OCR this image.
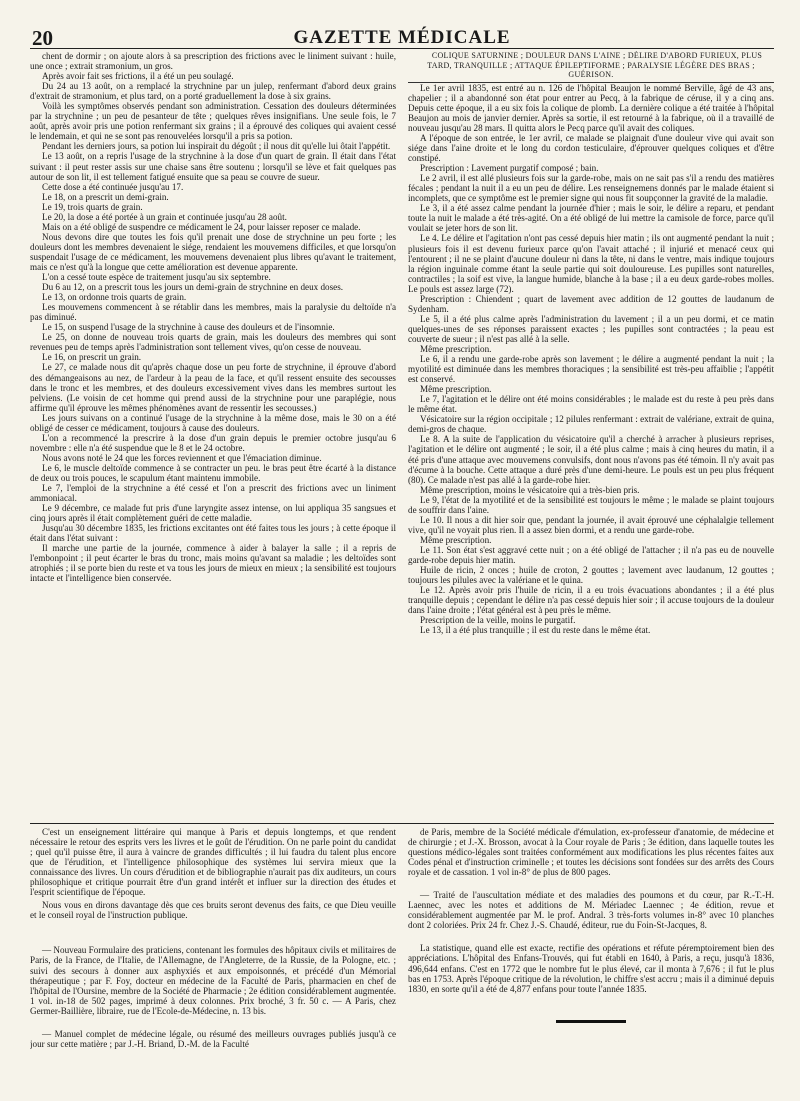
20	GAZETTE MÉDICALE

chent de dormir ; on ajoute alors à sa prescription des frictions avec le liniment suivant : huile, une once ; extrait stramonium, un gros.

Après avoir fait ses frictions, il a été un peu soulagé.

Du 24 au 13 août, on a remplacé la strychnine par un julep, renfermant d'abord deux grains d'extrait de stramonium, et plus tard, on a porté graduellement la dose à six grains.

Voilà les symptômes observés pendant son administration. Cessation des douleurs déterminées par la strychnine ; un peu de pesanteur de tête ; quelques rêves insignifians. Une seule fois, le 7 août, après avoir pris une potion renfermant six grains ; il a éprouvé des coliques qui avaient cessé le lendemain, et qui ne se sont pas renouvelées lorsqu'il a pris sa potion.

Pendant les derniers jours, sa potion lui inspirait du dégoût ; il nous dit qu'elle lui ôtait l'appétit.

Le 13 août, on a repris l'usage de la strychnine à la dose d'un quart de grain. Il était dans l'état suivant : il peut rester assis sur une chaise sans être soutenu ; lorsqu'il se lève et fait quelques pas autour de son lit, il est tellement fatigué ensuite que sa peau se couvre de sueur.

Cette dose a été continuée jusqu'au 17.

Le 18, on a prescrit un demi-grain.

Le 19, trois quarts de grain.

Le 20, la dose a été portée à un grain et continuée jusqu'au 28 août.

Mais on a été obligé de suspendre ce médicament le 24, pour laisser reposer ce malade.

Nous devons dire que toutes les fois qu'il prenait une dose de strychnine un peu forte ; les douleurs dont les membres devenaient le siége, rendaient les mouvemens difficiles, et que lorsqu'on suspendait l'usage de ce médicament, les mouvemens devenaient plus libres qu'avant le traitement, mais ce n'est qu'à la longue que cette amélioration est devenue apparente.

L'on a cessé toute espèce de traitement jusqu'au six septembre.

Du 6 au 12, on a prescrit tous les jours un demi-grain de strychnine en deux doses.

Le 13, on ordonne trois quarts de grain.

Les mouvemens commencent à se rétablir dans les membres, mais la paralysie du deltoïde n'a pas diminué.

Le 15, on suspend l'usage de la strychnine à cause des douleurs et de l'insomnie.

Le 25, on donne de nouveau trois quarts de grain, mais les douleurs des membres qui sont revenues peu de temps après l'administration sont tellement vives, qu'on cesse de nouveau.

Le 16, on prescrit un grain.

Le 27, ce malade nous dit qu'après chaque dose un peu forte de strychnine, il éprouve d'abord des démangeaisons au nez, de l'ardeur à la peau de la face, et qu'il ressent ensuite des secousses dans le tronc et les membres, et des douleurs excessivement vives dans les membres surtout les pelviens. (Le voisin de cet homme qui prend aussi de la strychnine pour une paraplégie, nous affirme qu'il éprouve les mêmes phénomènes avant de ressentir les secousses.)

Les jours suivans on a continué l'usage de la strychnine à la même dose, mais le 30 on a été obligé de cesser ce médicament, toujours à cause des douleurs.

L'on a recommencé la prescrire à la dose d'un grain depuis le premier octobre jusqu'au 6 novembre : elle n'a été suspendue que le 8 et le 24 octobre.

Nous avons noté le 24 que les forces reviennent et que l'émaciation diminue.

Le 6, le muscle deltoïde commence à se contracter un peu. le bras peut être écarté à la distance de deux ou trois pouces, le scapulum étant maintenu immobile.

Le 7, l'emploi de la strychnine a été cessé et l'on a prescrit des frictions avec un liniment ammoniacal.

Le 9 décembre, ce malade fut pris d'une laryngite assez intense, on lui appliqua 35 sangsues et cinq jours après il était complètement guéri de cette maladie.

Jusqu'au 30 décembre 1835, les frictions excitantes ont été faites tous les jours ; à cette époque il était dans l'état suivant :

Il marche une partie de la journée, commence à aider à balayer la salle ; il a repris de l'embonpoint ; il peut écarter le bras du tronc, mais moins qu'avant sa maladie ; les deltoïdes sont atrophiés ; il se porte bien du reste et va tous les jours de mieux en mieux ; la sensibilité est toujours intacte et l'intelligence bien conservée.

COLIQUE SATURNINE ; DOULEUR DANS L'AINE ; DÉLIRE D'ABORD FURIEUX, PLUS TARD, TRANQUILLE ; ATTAQUE ÉPILEPTIFORME ; PARALYSIE LÉGÈRE DES BRAS ; GUÉRISON.

Le 1er avril 1835, est entré au n. 126 de l'hôpital Beaujon le nommé Berville, âgé de 43 ans, chapelier ; il a abandonné son état pour entrer au Pecq, à la fabrique de céruse, il y a cinq ans. Depuis cette époque, il a eu six fois la colique de plomb. La dernière colique a été traitée à l'hôpital Beaujon au mois de janvier dernier. Après sa sortie, il est retourné à la fabrique, où il a travaillé de nouveau jusqu'au 28 mars. Il quitta alors le Pecq parce qu'il avait des coliques.

A l'époque de son entrée, le 1er avril, ce malade se plaignait d'une douleur vive qui avait son siége dans l'aine droite et le long du cordon testiculaire, d'éprouver quelques coliques et d'être constipé.

Prescription : Lavement purgatif composé ; bain.

Le 2 avril, il est allé plusieurs fois sur la garde-robe, mais on ne sait pas s'il a rendu des matières fécales ; pendant la nuit il a eu un peu de délire. Les renseignemens donnés par le malade étaient si incomplets, que ce symptôme est le premier signe qui nous fit soupçonner la gravité de la maladie.

Le 3, il a été assez calme pendant la journée d'hier ; mais le soir, le délire a reparu, et pendant toute la nuit le malade a été très-agité. On a été obligé de lui mettre la camisole de force, parce qu'il voulait se jeter hors de son lit.

Le 4. Le délire et l'agitation n'ont pas cessé depuis hier matin ; ils ont augmenté pendant la nuit ; plusieurs fois il est devenu furieux parce qu'on l'avait attaché ; il injurié et menacé ceux qui l'entourent ; il ne se plaint d'aucune douleur ni dans la tête, ni dans le ventre, mais indique toujours la région inguinale comme étant la seule partie qui soit douloureuse. Les pupilles sont naturelles, contractiles ; la soif est vive, la langue humide, blanche à la base ; il a eu deux garde-robes molles. Le pouls est assez large (72).

Prescription : Chiendent ; quart de lavement avec addition de 12 gouttes de laudanum de Sydenham.

Le 5, il a été plus calme après l'administration du lavement ; il a un peu dormi, et ce matin quelques-unes de ses réponses paraissent exactes ; les pupilles sont contractées ; la peau est couverte de sueur ; il n'est pas allé à la selle.

Même prescription.

Le 6, il a rendu une garde-robe après son lavement ; le délire a augmenté pendant la nuit ; la myotilité est diminuée dans les membres thoraciques ; la sensibilité est très-peu affaiblie ; l'appétit est conservé.

Même prescription.

Le 7, l'agitation et le délire ont été moins considérables ; le malade est du reste à peu près dans le même état.

Vésicatoire sur la région occipitale ; 12 pilules renfermant : extrait de valériane, extrait de quina, demi-gros de chaque.

Le 8. A la suite de l'application du vésicatoire qu'il a cherché à arracher à plusieurs reprises, l'agitation et le délire ont augmenté ; le soir, il a été plus calme ; mais à cinq heures du matin, il a été pris d'une attaque avec mouvemens convulsifs, dont nous n'avons pas été témoin. Il n'y avait pas d'écume à la bouche. Cette attaque a duré près d'une demi-heure. Le pouls est un peu plus fréquent (80). Ce malade n'est pas allé à la garde-robe hier.

Même prescription, moins le vésicatoire qui a très-bien pris.

Le 9, l'état de la myotilité et de la sensibilité est toujours le même ; le malade se plaint toujours de souffrir dans l'aine.

Le 10. Il nous a dit hier soir que, pendant la journée, il avait éprouvé une céphalalgie tellement vive, qu'il ne voyait plus rien. Il a assez bien dormi, et a rendu une garde-robe.

Même prescription.

Le 11. Son état s'est aggravé cette nuit ; on a été obligé de l'attacher ; il n'a pas eu de nouvelle garde-robe depuis hier matin.

Huile de ricin, 2 onces ; huile de croton, 2 gouttes ; lavement avec laudanum, 12 gouttes ; toujours les pilules avec la valériane et le quina.

Le 12. Après avoir pris l'huile de ricin, il a eu trois évacuations abondantes ; il a été plus tranquille depuis ; cependant le délire n'a pas cessé depuis hier soir ; il accuse toujours de la douleur dans l'aine droite ; l'état général est à peu près le même.

Prescription de la veille, moins le purgatif.

Le 13, il a été plus tranquille ; il est du reste dans le même état.

C'est un enseignement littéraire qui manque à Paris et depuis longtemps, et que rendent nécessaire le retour des esprits vers les livres et le goût de l'érudition. On ne parle point du candidat ; quel qu'il puisse être, il aura à vaincre de grandes difficultés ; il lui faudra du talent plus encore que de l'érudition, et l'intelligence philosophique des systèmes lui servira mieux que la connaissance des livres. Un cours d'érudition et de bibliographie n'aurait pas dix auditeurs, un cours philosophique et critique pourrait être d'un grand intérêt et influer sur la direction des études et l'esprit scientifique de l'époque.

Nous vous en dirons davantage dès que ces bruits seront devenus des faits, ce que Dieu veuille et le conseil royal de l'instruction publique.

— Nouveau Formulaire des praticiens, contenant les formules des hôpitaux civils et militaires de Paris, de la France, de l'Italie, de l'Allemagne, de l'Angleterre, de la Russie, de la Pologne, etc. ; suivi des secours à donner aux asphyxiés et aux empoisonnés, et précédé d'un Mémorial thérapeutique ; par F. Foy, docteur en médecine de la Faculté de Paris, pharmacien en chef de l'hôpital de l'Oursine, membre de la Société de Pharmacie ; 2e édition considérablement augmentée. 1 vol. in-18 de 502 pages, imprimé à deux colonnes. Prix broché, 3 fr. 50 c. — A Paris, chez Germer-Baillière, libraire, rue de l'Ecole-de-Médecine, n. 13 bis.

— Manuel complet de médecine légale, ou résumé des meilleurs ouvrages publiés jusqu'à ce jour sur cette matière ; par J.-H. Briand, D.-M. de la Faculté

de Paris, membre de la Société médicale d'émulation, ex-professeur d'anatomie, de médecine et de chirurgie ; et J.-X. Brosson, avocat à la Cour royale de Paris ; 3e édition, dans laquelle toutes les questions médico-légales sont traitées conformément aux modifications les plus récentes faites aux Codes pénal et d'instruction criminelle ; et toutes les décisions sont fondées sur des arrêts des Cours royale et de cassation. 1 vol in-8° de plus de 800 pages.

— Traité de l'auscultation médiate et des maladies des poumons et du cœur, par R.-T.-H. Laennec, avec les notes et additions de M. Mériadec Laennec ; 4e édition, revue et considérablement augmentée par M. le prof. Andral. 3 très-forts volumes in-8° avec 10 planches dont 2 coloriées. Prix 24 fr. Chez J.-S. Chaudé, éditeur, rue du Foin-St-Jacques, 8.

La statistique, quand elle est exacte, rectifie des opérations et réfute péremptoirement bien des appréciations. L'hôpital des Enfans-Trouvés, qui fut établi en 1640, à Paris, a reçu, jusqu'à 1836, 496,644 enfans. C'est en 1772 que le nombre fut le plus élevé, car il monta à 7,676 ; il fut le plus bas en 1753. Après l'époque critique de la révolution, le chiffre s'est accru ; mais il a diminué depuis 1830, en sorte qu'il a été de 4,877 enfans pour toute l'année 1835.
